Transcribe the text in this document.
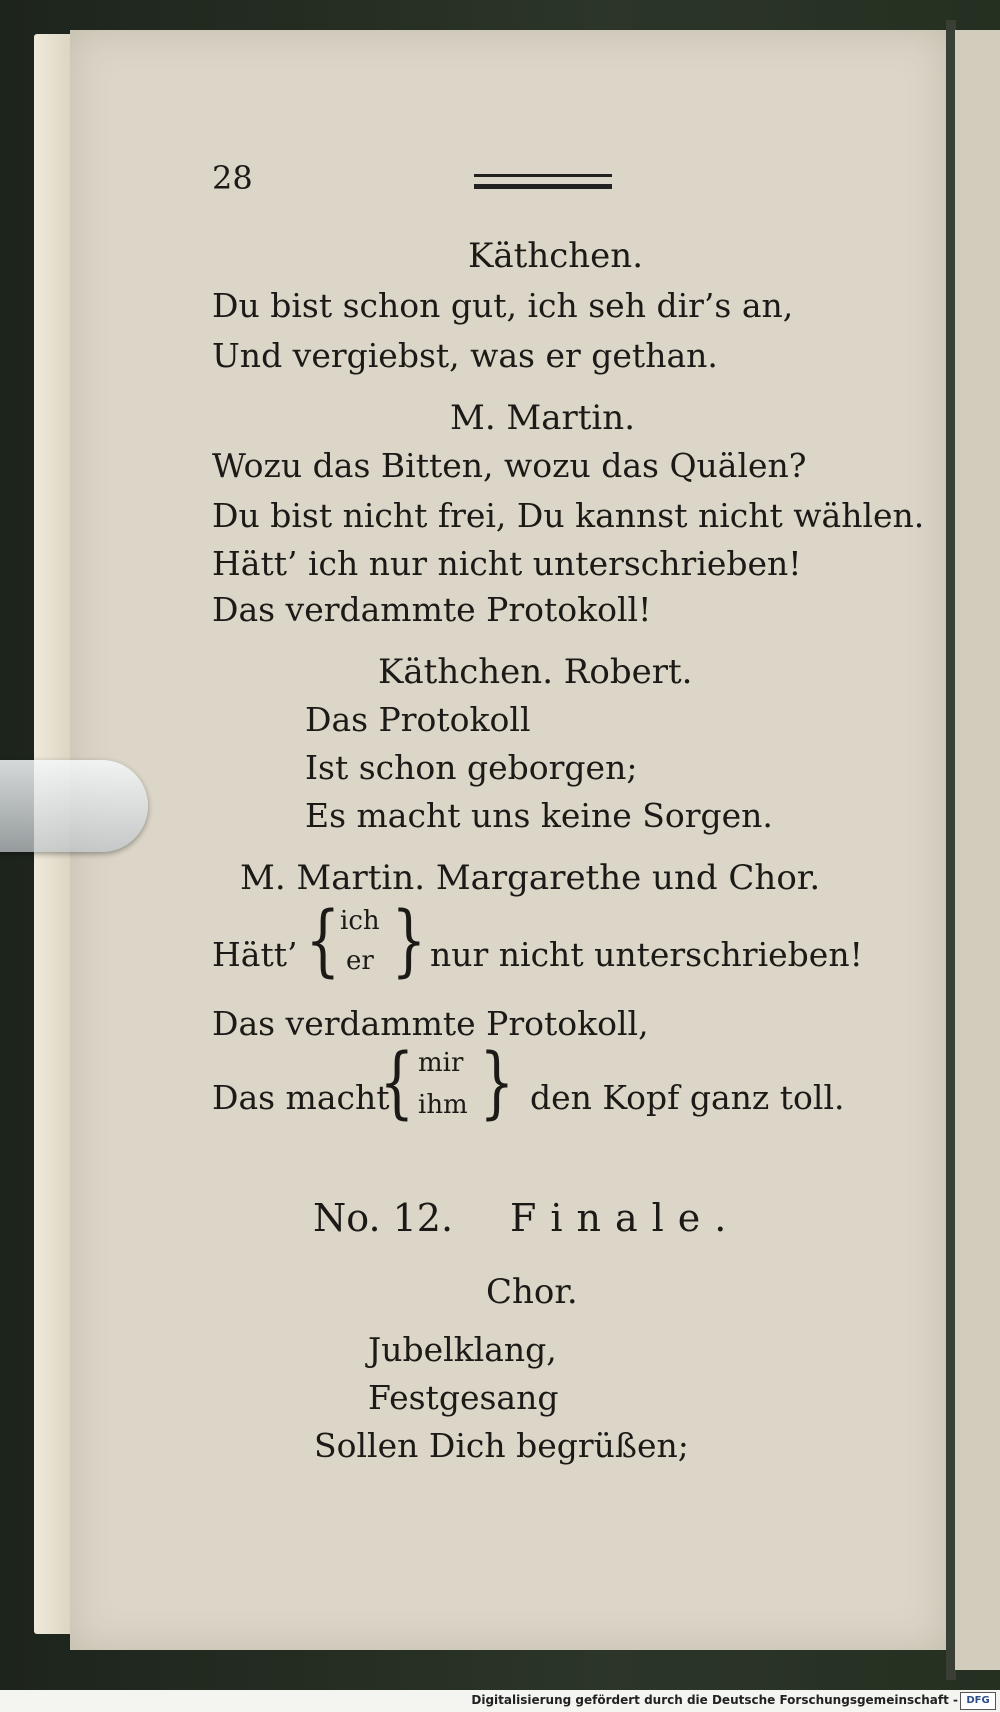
28
Käthchen.
Du bist schon gut, ich seh dir’s an,
Und vergiebst, was er gethan.
M. Martin.
Wozu das Bitten, wozu das Quälen?
Du bist nicht frei, Du kannst nicht wählen.
Hätt’ ich nur nicht unterschrieben!
Das verdammte Protokoll!
Käthchen. Robert.
Das Protokoll
Ist schon geborgen;
Es macht uns keine Sorgen.
M. Martin. Margarethe und Chor.
Hätt’ { ich
er } nur nicht unterschrieben!
Das verdammte Protokoll,
Das macht
{ mir
ihm } den Kopf ganz toll.
No. 12. Finale.
Chor.
Jubelklang,
Festgesang
Sollen Dich begrüßen;
Digitalisierung gefördert durch die Deutsche Forschungsgemeinschaft - DFG
